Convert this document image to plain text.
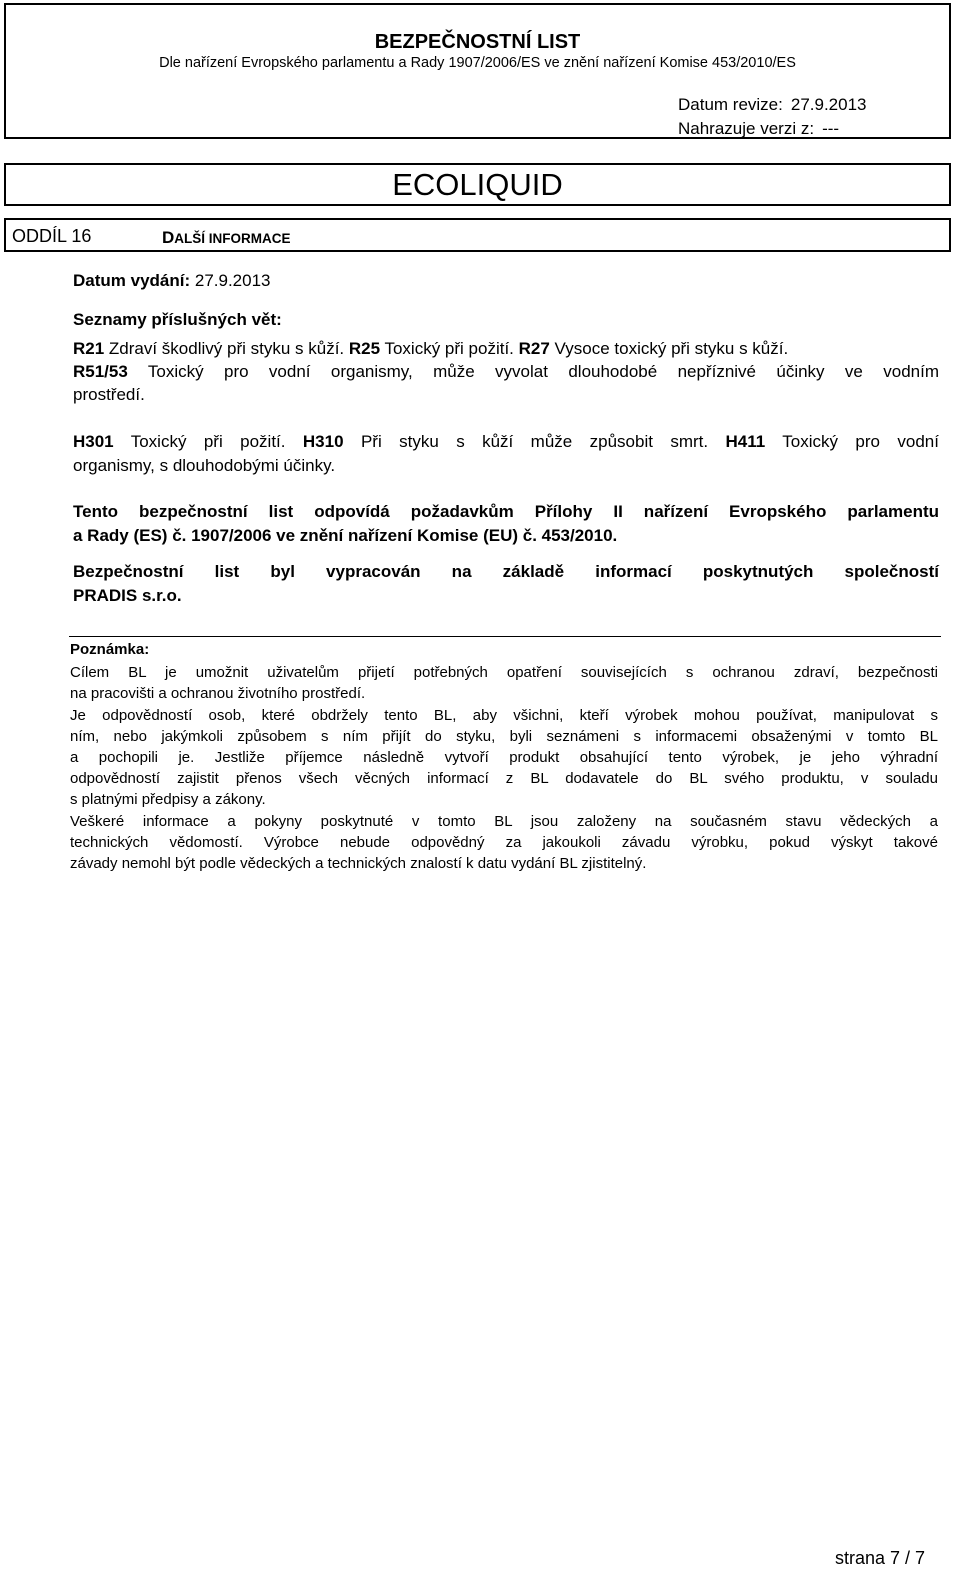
BEZPEČNOSTNÍ LIST
Dle nařízení Evropského parlamentu a Rady 1907/2006/ES ve znění nařízení Komise 453/2010/ES
Datum revize: 27.9.2013
Nahrazuje verzi z: ---
ECOLIQUID
ODDÍL 16	DALŠÍ INFORMACE
Datum vydání: 27.9.2013
Seznamy příslušných vět:
R21 Zdraví škodlivý při styku s kůží. R25 Toxický při požití. R27 Vysoce toxický při styku s kůží.
R51/53 Toxický pro vodní organismy, může vyvolat dlouhodobé nepříznivé účinky ve vodním
prostředí.
H301 Toxický při požití. H310 Při styku s kůží může způsobit smrt. H411 Toxický pro vodní
organismy, s dlouhodobými účinky.
Tento bezpečnostní list odpovídá požadavkům Přílohy II nařízení Evropského parlamentu
a Rady (ES) č. 1907/2006 ve znění nařízení Komise (EU) č. 453/2010.
Bezpečnostní list byl vypracován na základě informací poskytnutých společností
PRADIS s.r.o.
Poznámka:
Cílem BL je umožnit uživatelům přijetí potřebných opatření souvisejících s ochranou zdraví, bezpečnosti
na pracovišti a ochranou životního prostředí.
Je odpovědností osob, které obdržely tento BL, aby všichni, kteří výrobek mohou používat, manipulovat s
ním, nebo jakýmkoli způsobem s ním přijít do styku, byli seznámeni s informacemi obsaženými v tomto BL
a pochopili je. Jestliže příjemce následně vytvoří produkt obsahující tento výrobek, je jeho výhradní
odpovědností zajistit přenos všech věcných informací z BL dodavatele do BL svého produktu, v souladu
s platnými předpisy a zákony.
Veškeré informace a pokyny poskytnuté v tomto BL jsou založeny na současném stavu vědeckých a
technických vědomostí. Výrobce nebude odpovědný za jakoukoli závadu výrobku, pokud výskyt takové
závady nemohl být podle vědeckých a technických znalostí k datu vydání BL zjistitelný.
strana 7 / 7
